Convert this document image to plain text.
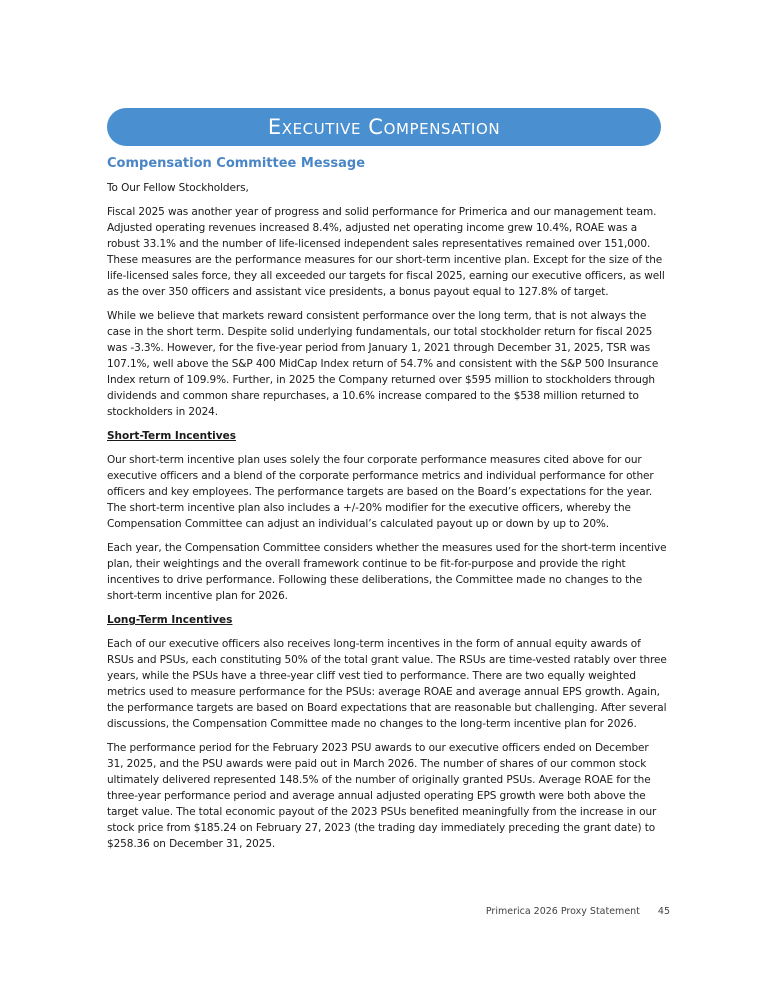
Executive Compensation
Compensation Committee Message

To Our Fellow Stockholders,

Fiscal 2025 was another year of progress and solid performance for Primerica and our management team. Adjusted operating revenues increased 8.4%, adjusted net operating income grew 10.4%, ROAE was a robust 33.1% and the number of life-licensed independent sales representatives remained over 151,000. These measures are the performance measures for our short-term incentive plan. Except for the size of the life-licensed sales force, they all exceeded our targets for fiscal 2025, earning our executive officers, as well as the over 350 officers and assistant vice presidents, a bonus payout equal to 127.8% of target.

While we believe that markets reward consistent performance over the long term, that is not always the case in the short term. Despite solid underlying fundamentals, our total stockholder return for fiscal 2025 was -3.3%. However, for the five-year period from January 1, 2021 through December 31, 2025, TSR was 107.1%, well above the S&P 400 MidCap Index return of 54.7% and consistent with the S&P 500 Insurance Index return of 109.9%. Further, in 2025 the Company returned over $595 million to stockholders through dividends and common share repurchases, a 10.6% increase compared to the $538 million returned to stockholders in 2024.

Short-Term Incentives

Our short-term incentive plan uses solely the four corporate performance measures cited above for our executive officers and a blend of the corporate performance metrics and individual performance for other officers and key employees. The performance targets are based on the Board’s expectations for the year. The short-term incentive plan also includes a +/-20% modifier for the executive officers, whereby the Compensation Committee can adjust an individual’s calculated payout up or down by up to 20%.

Each year, the Compensation Committee considers whether the measures used for the short-term incentive plan, their weightings and the overall framework continue to be fit-for-purpose and provide the right incentives to drive performance. Following these deliberations, the Committee made no changes to the short-term incentive plan for 2026.

Long-Term Incentives

Each of our executive officers also receives long-term incentives in the form of annual equity awards of RSUs and PSUs, each constituting 50% of the total grant value. The RSUs are time-vested ratably over three years, while the PSUs have a three-year cliff vest tied to performance. There are two equally weighted metrics used to measure performance for the PSUs: average ROAE and average annual EPS growth. Again, the performance targets are based on Board expectations that are reasonable but challenging. After several discussions, the Compensation Committee made no changes to the long-term incentive plan for 2026.

The performance period for the February 2023 PSU awards to our executive officers ended on December 31, 2025, and the PSU awards were paid out in March 2026. The number of shares of our common stock ultimately delivered represented 148.5% of the number of originally granted PSUs. Average ROAE for the three-year performance period and average annual adjusted operating EPS growth were both above the target value. The total economic payout of the 2023 PSUs benefited meaningfully from the increase in our stock price from $185.24 on February 27, 2023 (the trading day immediately preceding the grant date) to $258.36 on December 31, 2025.

Primerica 2026 Proxy Statement 45
